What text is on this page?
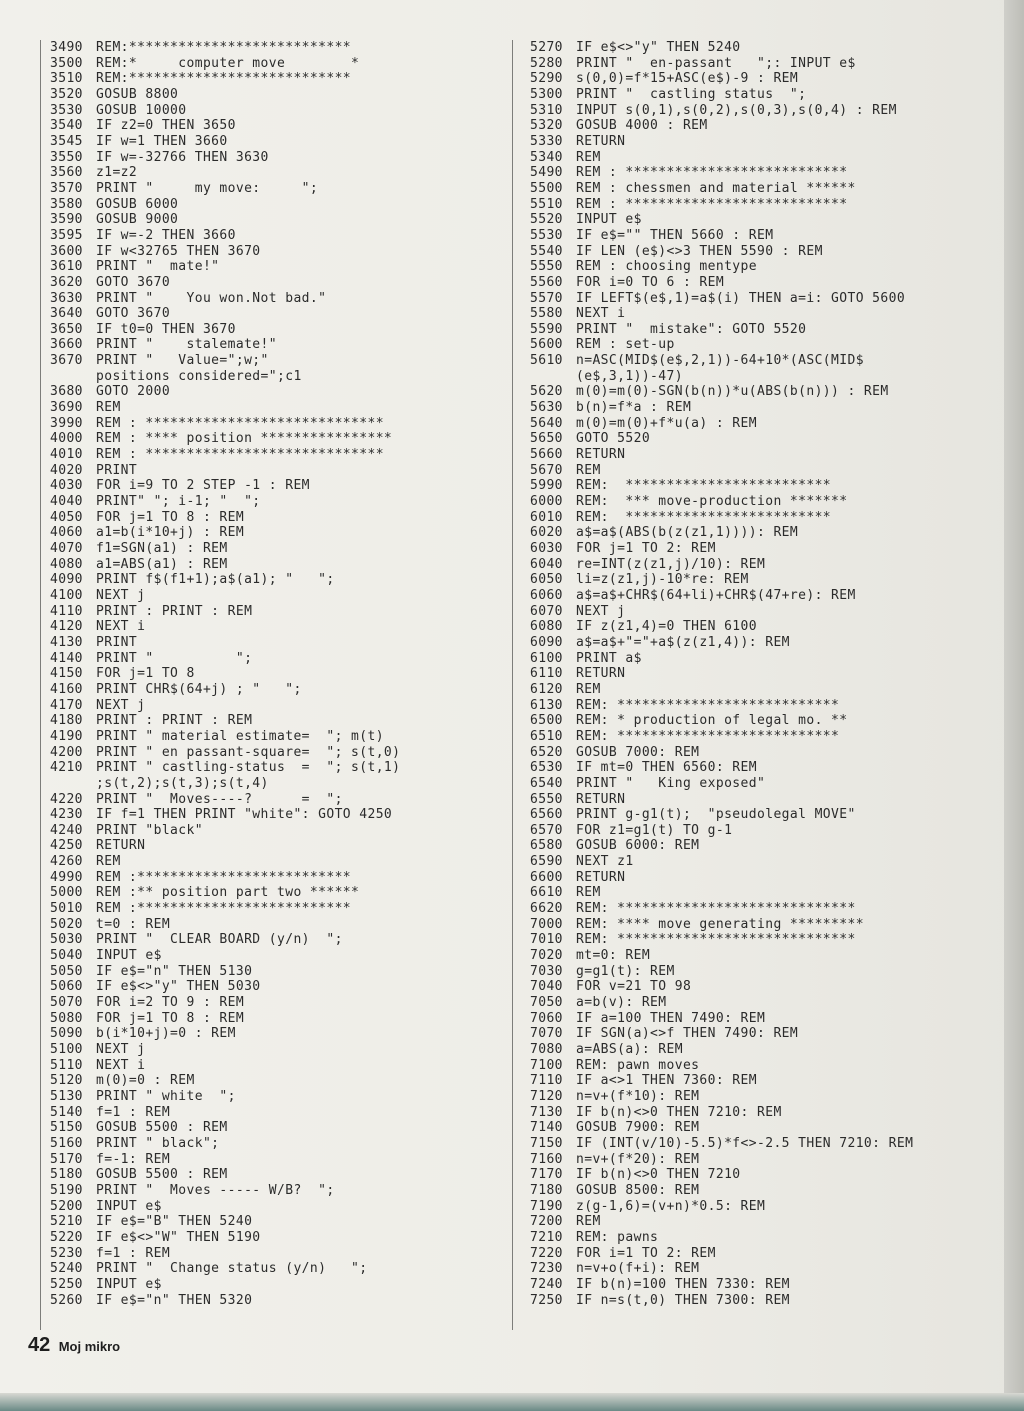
3490	REM:***************************
3500	REM:*     computer move        *
3510	REM:***************************
3520	GOSUB 8800
3530	GOSUB 10000
3540	IF z2=0 THEN 3650
3545	IF w=1 THEN 3660
3550	IF w=-32766 THEN 3630
3560	z1=z2
3570	PRINT "     my move:     ";
3580	GOSUB 6000
3590	GOSUB 9000
3595	IF w=-2 THEN 3660
3600	IF w<32765 THEN 3670
3610	PRINT "  mate!"
3620	GOTO 3670
3630	PRINT "    You won.Not bad."
3640	GOTO 3670
3650	IF t0=0 THEN 3670
3660	PRINT "    stalemate!"
3670	PRINT "   Value=";w;"
positions considered=";c1
3680	GOTO 2000
3690	REM
3990	REM : *****************************
4000	REM : **** position ****************
4010	REM : *****************************
4020	PRINT
4030	FOR i=9 TO 2 STEP -1 : REM
4040	PRINT" "; i-1; "  ";
4050	FOR j=1 TO 8 : REM
4060	a1=b(i*10+j) : REM
4070	f1=SGN(a1) : REM
4080	a1=ABS(a1) : REM
4090	PRINT f$(f1+1);a$(a1); "   ";
4100	NEXT j
4110	PRINT : PRINT : REM
4120	NEXT i
4130	PRINT
4140	PRINT "          ";
4150	FOR j=1 TO 8
4160	PRINT CHR$(64+j) ; "   ";
4170	NEXT j
4180	PRINT : PRINT : REM
4190	PRINT " material estimate=  "; m(t)
4200	PRINT " en passant-square=  "; s(t,0)
4210	PRINT " castling-status  =  "; s(t,1)
;s(t,2);s(t,3);s(t,4)
4220	PRINT "  Moves----?      =  ";
4230	IF f=1 THEN PRINT "white": GOTO 4250
4240	PRINT "black"
4250	RETURN
4260	REM
4990	REM :**************************
5000	REM :** position part two ******
5010	REM :**************************
5020	t=0 : REM
5030	PRINT "  CLEAR BOARD (y/n)  ";
5040	INPUT e$
5050	IF e$="n" THEN 5130
5060	IF e$<>"y" THEN 5030
5070	FOR i=2 TO 9 : REM
5080	FOR j=1 TO 8 : REM
5090	b(i*10+j)=0 : REM
5100	NEXT j
5110	NEXT i
5120	m(0)=0 : REM
5130	PRINT " white  ";
5140	f=1 : REM
5150	GOSUB 5500 : REM
5160	PRINT " black";
5170	f=-1: REM
5180	GOSUB 5500 : REM
5190	PRINT "  Moves ----- W/B?  ";
5200	INPUT e$
5210	IF e$="B" THEN 5240
5220	IF e$<>"W" THEN 5190
5230	f=1 : REM
5240	PRINT "  Change status (y/n)   ";
5250	INPUT e$
5260	IF e$="n" THEN 5320
5270	IF e$<>"y" THEN 5240
5280	PRINT "  en-passant   ";: INPUT e$
5290	s(0,0)=f*15+ASC(e$)-9 : REM
5300	PRINT "  castling status  ";
5310	INPUT s(0,1),s(0,2),s(0,3),s(0,4) : REM
5320	GOSUB 4000 : REM
5330	RETURN
5340	REM
5490	REM : ***************************
5500	REM : chessmen and material ******
5510	REM : ***************************
5520	INPUT e$
5530	IF e$="" THEN 5660 : REM
5540	IF LEN (e$)<>3 THEN 5590 : REM
5550	REM : choosing mentype
5560	FOR i=0 TO 6 : REM
5570	IF LEFT$(e$,1)=a$(i) THEN a=i: GOTO 5600
5580	NEXT i
5590	PRINT "  mistake": GOTO 5520
5600	REM : set-up
5610	n=ASC(MID$(e$,2,1))-64+10*(ASC(MID$
(e$,3,1))-47)
5620	m(0)=m(0)-SGN(b(n))*u(ABS(b(n))) : REM
5630	b(n)=f*a : REM
5640	m(0)=m(0)+f*u(a) : REM
5650	GOTO 5520
5660	RETURN
5670	REM
5990	REM:  *************************
6000	REM:  *** move-production *******
6010	REM:  *************************
6020	a$=a$(ABS(b(z(z1,1)))): REM
6030	FOR j=1 TO 2: REM
6040	re=INT(z(z1,j)/10): REM
6050	li=z(z1,j)-10*re: REM
6060	a$=a$+CHR$(64+li)+CHR$(47+re): REM
6070	NEXT j
6080	IF z(z1,4)=0 THEN 6100
6090	a$=a$+"="+a$(z(z1,4)): REM
6100	PRINT a$
6110	RETURN
6120	REM
6130	REM: ***************************
6500	REM: * production of legal mo. **
6510	REM: ***************************
6520	GOSUB 7000: REM
6530	IF mt=0 THEN 6560: REM
6540	PRINT "   King exposed"
6550	RETURN
6560	PRINT g-g1(t);  "pseudolegal MOVE"
6570	FOR z1=g1(t) TO g-1
6580	GOSUB 6000: REM
6590	NEXT z1
6600	RETURN
6610	REM
6620	REM: *****************************
7000	REM: **** move generating *********
7010	REM: *****************************
7020	mt=0: REM
7030	g=g1(t): REM
7040	FOR v=21 TO 98
7050	a=b(v): REM
7060	IF a=100 THEN 7490: REM
7070	IF SGN(a)<>f THEN 7490: REM
7080	a=ABS(a): REM
7100	REM: pawn moves
7110	IF a<>1 THEN 7360: REM
7120	n=v+(f*10): REM
7130	IF b(n)<>0 THEN 7210: REM
7140	GOSUB 7900: REM
7150	IF (INT(v/10)-5.5)*f<>-2.5 THEN 7210: REM
7160	n=v+(f*20): REM
7170	IF b(n)<>0 THEN 7210
7180	GOSUB 8500: REM
7190	z(g-1,6)=(v+n)*0.5: REM
7200	REM
7210	REM: pawns
7220	FOR i=1 TO 2: REM
7230	n=v+o(f+i): REM
7240	IF b(n)=100 THEN 7330: REM
7250	IF n=s(t,0) THEN 7300: REM
42 Moj mikro
